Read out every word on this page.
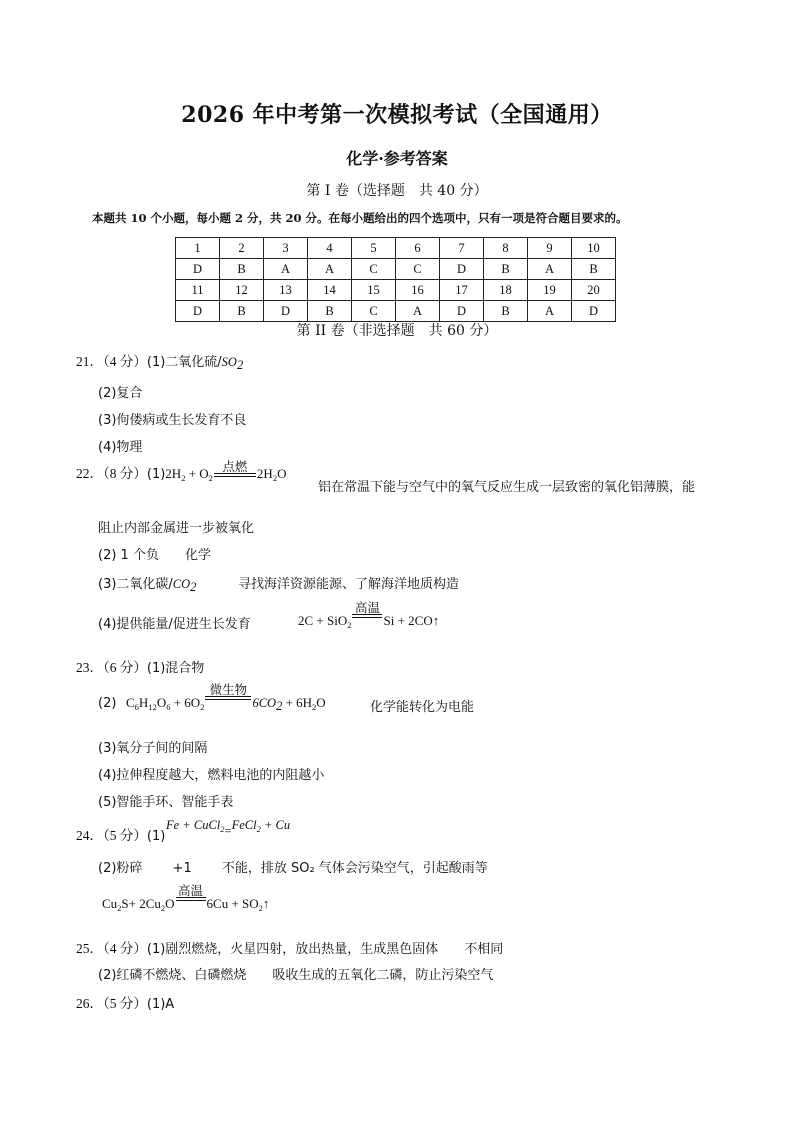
2026 年中考第一次模拟考试（全国通用）
化学·参考答案
第 I 卷（选择题　共 40 分）
本题共 10 个小题，每小题 2 分，共 20 分。在每小题给出的四个选项中，只有一项是符合题目要求的。
1	2	3	4	5	6	7	8	9	10
D	B	A	A	C	C	D	B	A	B
11	12	13	14	15	16	17	18	19	20
D	B	D	B	C	A	D	B	A	D
第 II 卷（非选择题　共 60 分）
21．（4 分）(1)二氧化硫$/SO_2$
(2)复合
(3)佝偻病或生长发育不良
(4)物理
22．（8 分）$(1)2H_2 + O_2$
点燃 $2H_2O$
铝在常温下能与空气中的氧气反应生成一层致密的氧化铝薄膜，能
阻止内部金属进一步被氧化
(2) 1 个负　　化学
(3)二氧化碳$/CO_2$	寻找海洋资源能源、了解海洋地质构造
(4)提供能量/促进生长发育	2C + SiO$_2$
高温
Si + 2CO↑
23．（6 分）(1)混合物
(2) $C_6H_{12}O_6 + 6O_2$
微生物
$6CO_2 + 6H_2O$	化学能转化为电能
(3)氧分子间的间隔
(4)拉伸程度越大，燃料电池的内阻越小
(5)智能手环、智能手表
24．（5 分）(1)
Fe + CuCl$_2$=FeCl$_2$ + Cu
(2)粉碎　　 +1　　 不能，排放 SO₂ 气体会污染空气，引起酸雨等
$Cu_2S+ 2Cu_2O$
高温
$6Cu + SO_2↑$
25．（4 分）(1)剧烈燃烧，火星四射，放出热量，生成黑色固体　　不相同
(2)红磷不燃烧、白磷燃烧　　吸收生成的五氧化二磷，防止污染空气
26．（5 分）(1)A
